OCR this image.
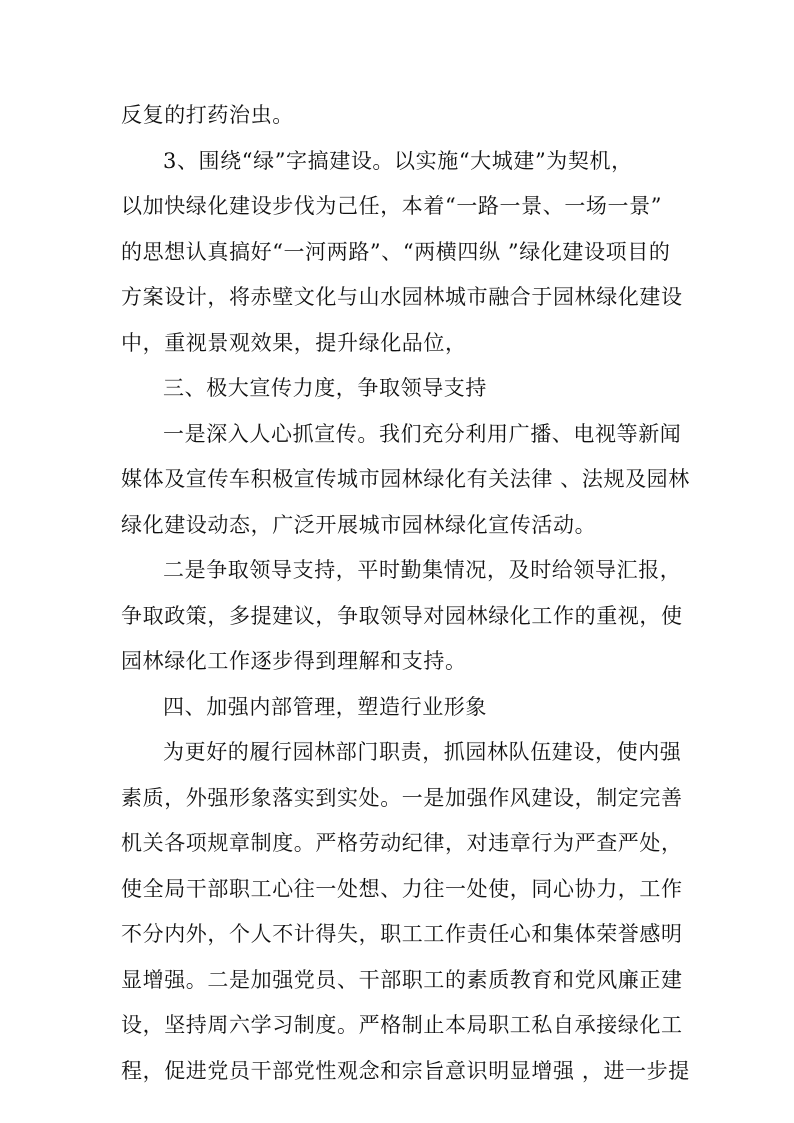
反复的打药治虫。
3、围绕“绿”字搞建设。以实施“大城建”为契机，
以加快绿化建设步伐为己任，本着“一路一景、一场一景”
的思想认真搞好“一河两路”、“两横四纵 ”绿化建设项目的
方案设计，将赤壁文化与山水园林城市融合于园林绿化建设
中，重视景观效果，提升绿化品位，
三、极大宣传力度，争取领导支持
一是深入人心抓宣传。我们充分利用广播、电视等新闻
媒体及宣传车积极宣传城市园林绿化有关法律 、法规及园林
绿化建设动态，广泛开展城市园林绿化宣传活动。
二是争取领导支持，平时勤集情况，及时给领导汇报，
争取政策，多提建议，争取领导对园林绿化工作的重视，使
园林绿化工作逐步得到理解和支持。
四、加强内部管理，塑造行业形象
为更好的履行园林部门职责，抓园林队伍建设，使内强
素质，外强形象落实到实处。一是加强作风建设，制定完善
机关各项规章制度。严格劳动纪律，对违章行为严查严处，
使全局干部职工心往一处想、力往一处使，同心协力，工作
不分内外，个人不计得失，职工工作责任心和集体荣誉感明
显增强。二是加强党员、干部职工的素质教育和党风廉正建
设，坚持周六学习制度。严格制止本局职工私自承接绿化工
程，促进党员干部党性观念和宗旨意识明显增强 ，进一步提
